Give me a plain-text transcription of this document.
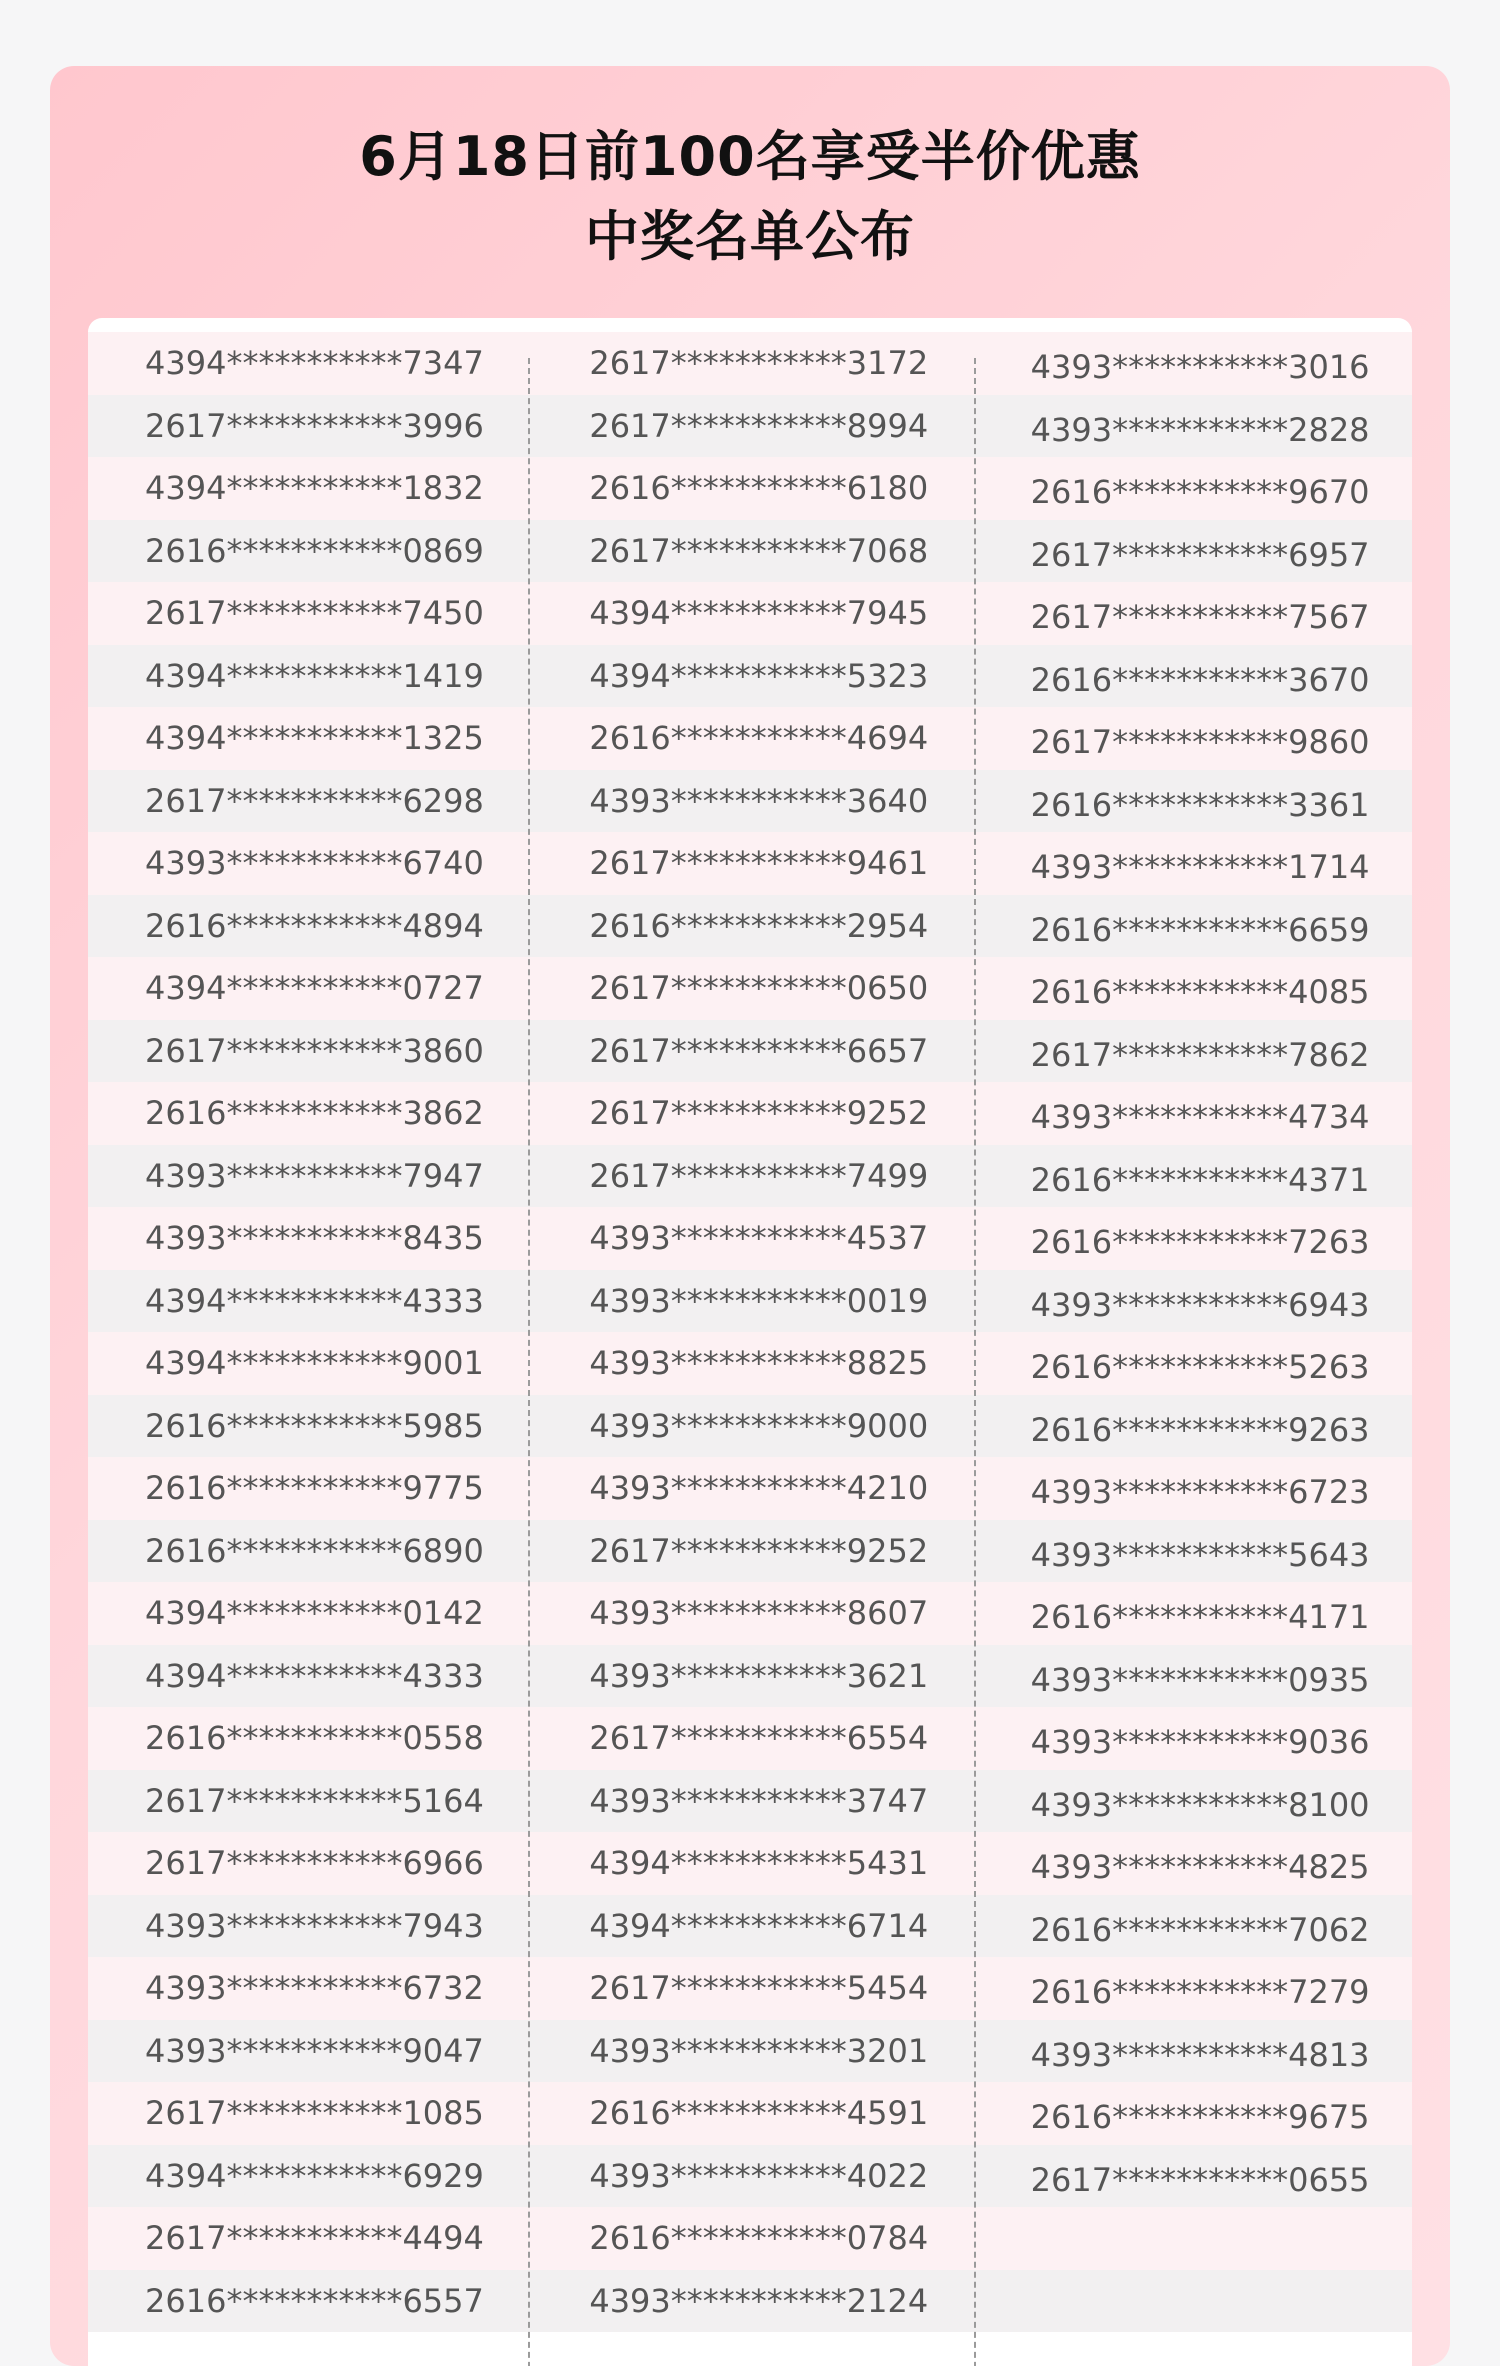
6月18日前100名享受半价优惠
中奖名单公布
4394***********7347	2617***********3172	4393***********3016
2617***********3996	2617***********8994	4393***********2828
4394***********1832	2616***********6180	2616***********9670
2616***********0869	2617***********7068	2617***********6957
2617***********7450	4394***********7945	2617***********7567
4394***********1419	4394***********5323	2616***********3670
4394***********1325	2616***********4694	2617***********9860
2617***********6298	4393***********3640	2616***********3361
4393***********6740	2617***********9461	4393***********1714
2616***********4894	2616***********2954	2616***********6659
4394***********0727	2617***********0650	2616***********4085
2617***********3860	2617***********6657	2617***********7862
2616***********3862	2617***********9252	4393***********4734
4393***********7947	2617***********7499	2616***********4371
4393***********8435	4393***********4537	2616***********7263
4394***********4333	4393***********0019	4393***********6943
4394***********9001	4393***********8825	2616***********5263
2616***********5985	4393***********9000	2616***********9263
2616***********9775	4393***********4210	4393***********6723
2616***********6890	2617***********9252	4393***********5643
4394***********0142	4393***********8607	2616***********4171
4394***********4333	4393***********3621	4393***********0935
2616***********0558	2617***********6554	4393***********9036
2617***********5164	4393***********3747	4393***********8100
2617***********6966	4394***********5431	4393***********4825
4393***********7943	4394***********6714	2616***********7062
4393***********6732	2617***********5454	2616***********7279
4393***********9047	4393***********3201	4393***********4813
2617***********1085	2616***********4591	2616***********9675
4394***********6929	4393***********4022	2617***********0655
2617***********4494	2616***********0784
2616***********6557	4393***********2124
